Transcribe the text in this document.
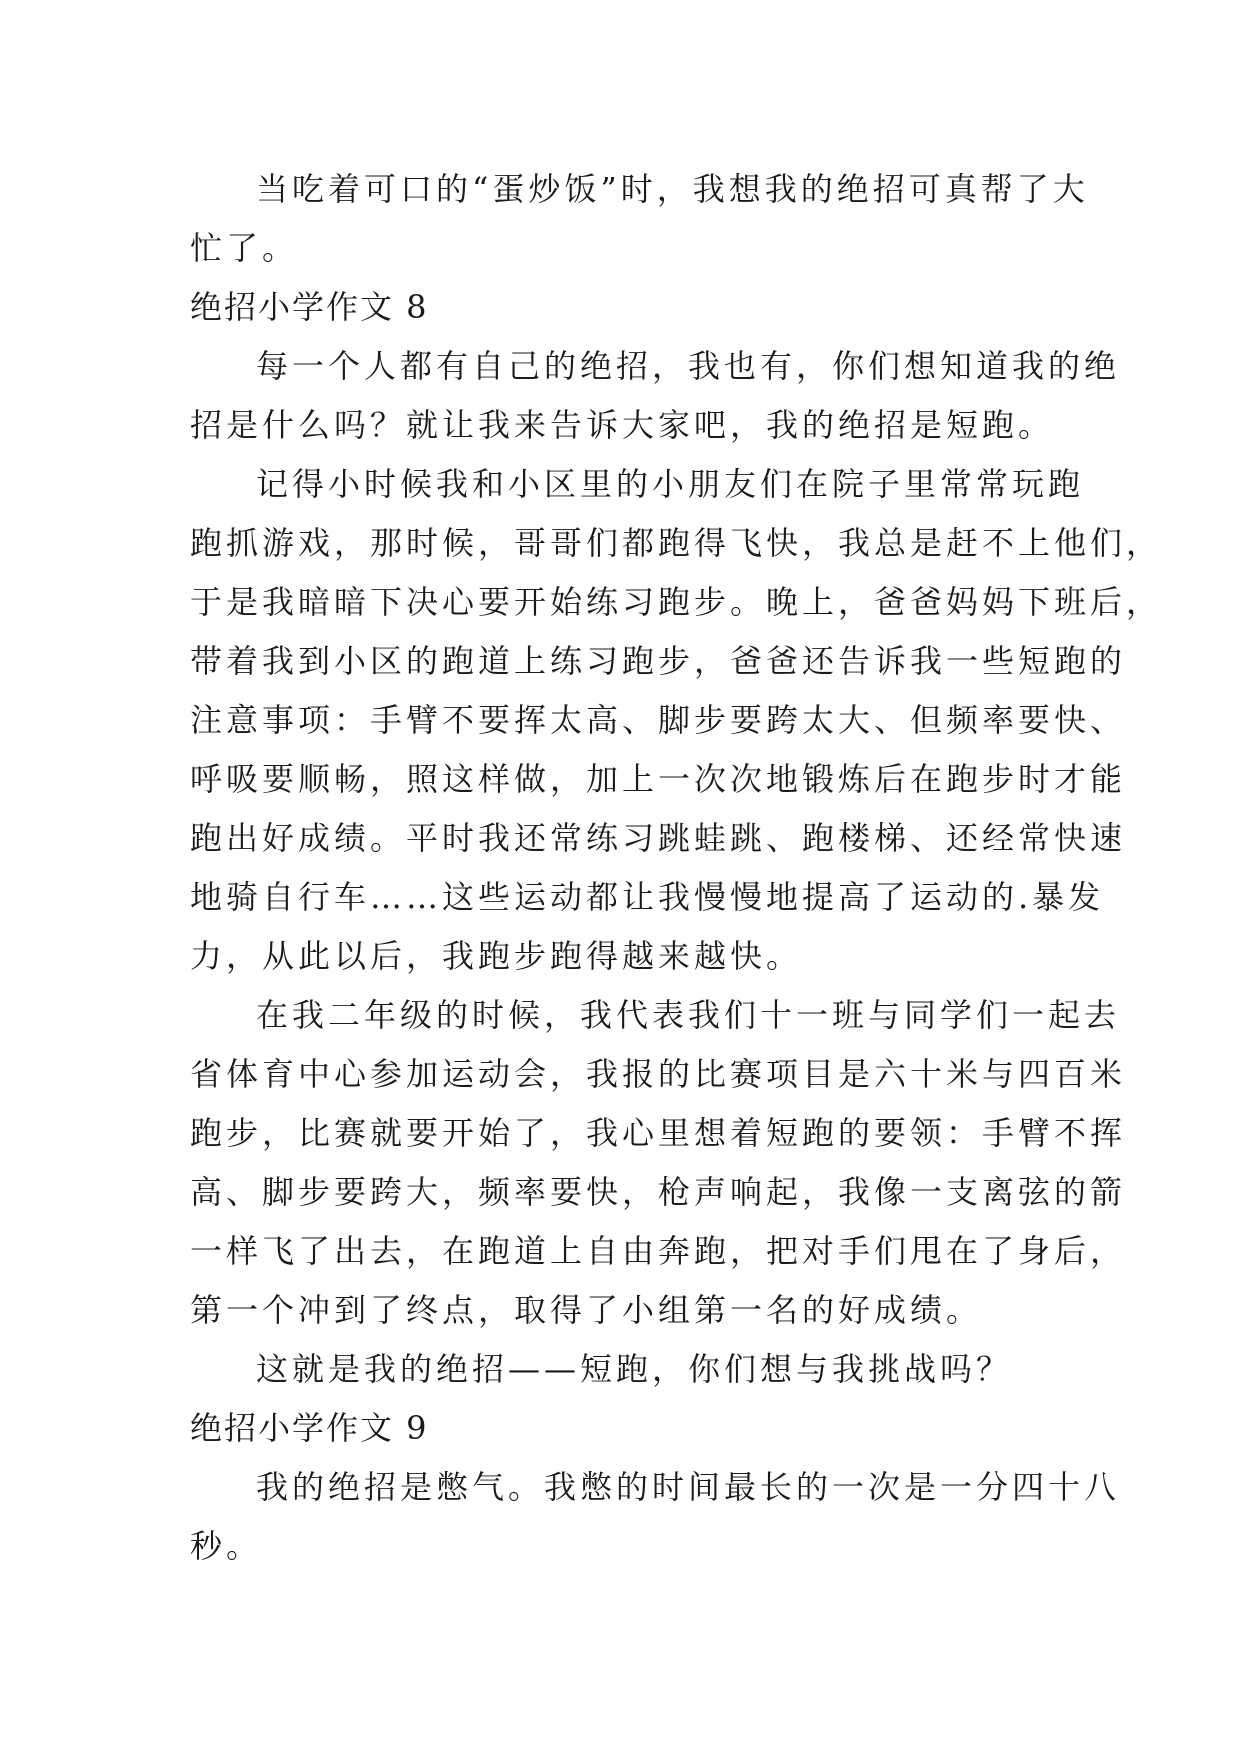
当吃着可口的“蛋炒饭”时，我想我的绝招可真帮了大
忙了。
绝招小学作文 8
每一个人都有自己的绝招，我也有，你们想知道我的绝
招是什么吗？就让我来告诉大家吧，我的绝招是短跑。
记得小时候我和小区里的小朋友们在院子里常常玩跑
跑抓游戏，那时候，哥哥们都跑得飞快，我总是赶不上他们，
于是我暗暗下决心要开始练习跑步。晚上，爸爸妈妈下班后，
带着我到小区的跑道上练习跑步，爸爸还告诉我一些短跑的
注意事项：手臂不要挥太高、脚步要跨太大、但频率要快、
呼吸要顺畅，照这样做，加上一次次地锻炼后在跑步时才能
跑出好成绩。平时我还常练习跳蛙跳、跑楼梯、还经常快速
地骑自行车……这些运动都让我慢慢地提高了运动的.暴发
力，从此以后，我跑步跑得越来越快。
在我二年级的时候，我代表我们十一班与同学们一起去
省体育中心参加运动会，我报的比赛项目是六十米与四百米
跑步，比赛就要开始了，我心里想着短跑的要领：手臂不挥
高、脚步要跨大，频率要快，枪声响起，我像一支离弦的箭
一样飞了出去，在跑道上自由奔跑，把对手们甩在了身后，
第一个冲到了终点，取得了小组第一名的好成绩。
这就是我的绝招——短跑，你们想与我挑战吗？
绝招小学作文 9
我的绝招是憋气。我憋的时间最长的一次是一分四十八
秒。
